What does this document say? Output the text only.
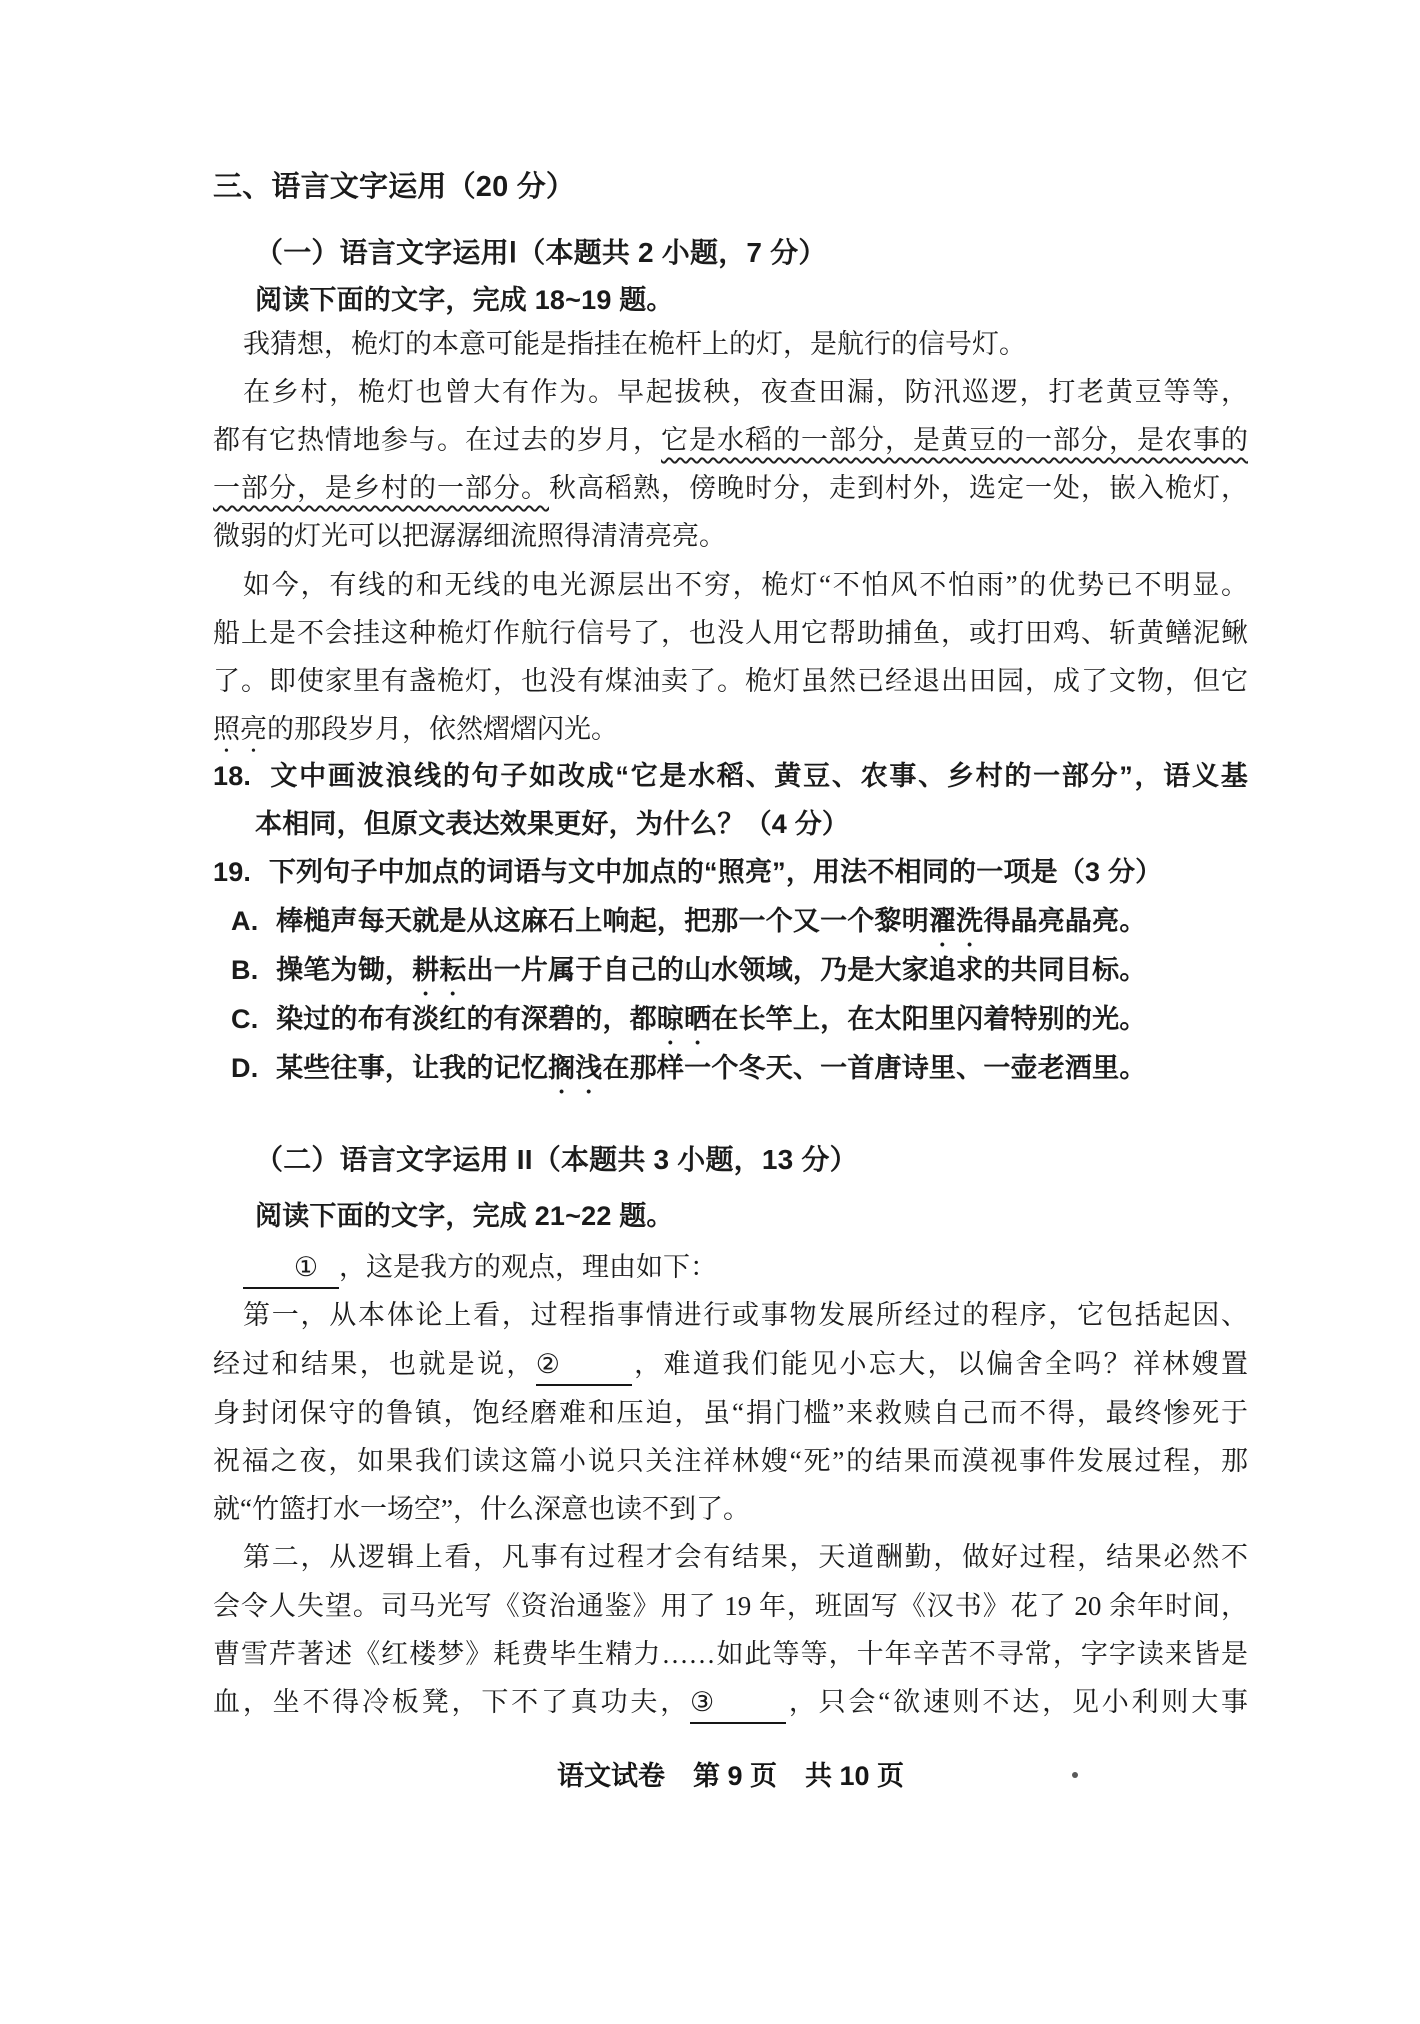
三、语言文字运用（20 分）
（一）语言文字运用Ⅰ（本题共 2 小题，7 分）
阅读下面的文字，完成 18~19 题。
我猜想，桅灯的本意可能是指挂在桅杆上的灯，是航行的信号灯。
在乡村，桅灯也曾大有作为。早起拔秧，夜查田漏，防汛巡逻，打老黄豆等等，
都有它热情地参与。在过去的岁月，它是水稻的一部分，是黄豆的一部分，是农事的
一部分，是乡村的一部分。秋高稻熟，傍晚时分，走到村外，选定一处，嵌入桅灯，
微弱的灯光可以把潺潺细流照得清清亮亮。
如今，有线的和无线的电光源层出不穷，桅灯“不怕风不怕雨”的优势已不明显。
船上是不会挂这种桅灯作航行信号了，也没人用它帮助捕鱼，或打田鸡、斩黄鳝泥鳅
了。即使家里有盏桅灯，也没有煤油卖了。桅灯虽然已经退出田园，成了文物，但它
照亮的那段岁月，依然熠熠闪光。
18. 文中画波浪线的句子如改成“它是水稻、黄豆、农事、乡村的一部分”，语义基
本相同，但原文表达效果更好，为什么？（4 分）
19. 下列句子中加点的词语与文中加点的“照亮”，用法不相同的一项是（3 分）
A. 棒槌声每天就是从这麻石上响起，把那一个又一个黎明濯洗得晶亮晶亮。
B. 操笔为锄，耕耘出一片属于自己的山水领域，乃是大家追求的共同目标。
C. 染过的布有淡红的有深碧的，都晾晒在长竿上，在太阳里闪着特别的光。
D. 某些往事，让我的记忆搁浅在那样一个冬天、一首唐诗里、一壶老酒里。
（二）语言文字运用 II（本题共 3 小题，13 分）
阅读下面的文字，完成 21~22 题。
① ，这是我方的观点，理由如下：
第一，从本体论上看，过程指事情进行或事物发展所经过的程序，它包括起因、
经过和结果，也就是说，②	，难道我们能见小忘大，以偏舍全吗？祥林嫂置
身封闭保守的鲁镇，饱经磨难和压迫，虽“捐门槛”来救赎自己而不得，最终惨死于
祝福之夜，如果我们读这篇小说只关注祥林嫂“死”的结果而漠视事件发展过程，那
就“竹篮打水一场空”，什么深意也读不到了。
第二，从逻辑上看，凡事有过程才会有结果，天道酬勤，做好过程，结果必然不
会令人失望。司马光写《资治通鉴》用了 19 年，班固写《汉书》花了 20 余年时间，
曹雪芹著述《红楼梦》耗费毕生精力……如此等等，十年辛苦不寻常，字字读来皆是
血，坐不得冷板凳，下不了真功夫，③	，只会“欲速则不达，见小利则大事
语文试卷 第 9 页 共 10 页
